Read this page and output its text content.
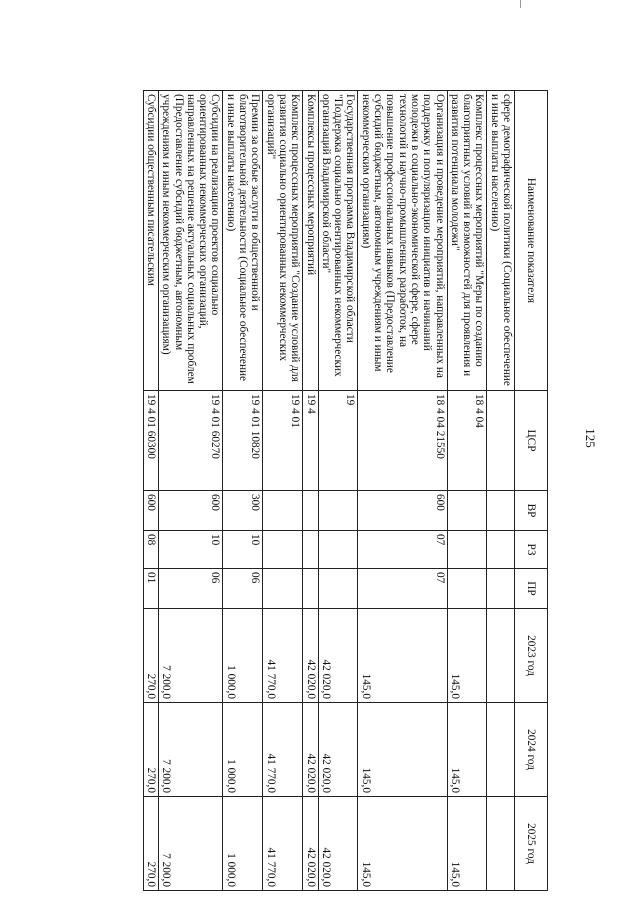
125
Наименование показателя	ЦСР	ВР	РЗ	ПР	2023 год	2024 год	2025 год
сфере демографической политики (Социальное обеспечение и иные выплаты населению)							
Комплекс процессных мероприятий "Меры по созданию благоприятных условий и возможностей для проявления и развития потенциала молодежи"	18 4 04				145,0	145,0	145,0
Организация и проведение мероприятий, направленных на поддержку и популяризацию инициатив и начинаний молодежи в социально-экономической сфере, сфере технологий и научно-промышленных разработок, на повышение профессиональных навыков (Предоставление субсидий бюджетным, автономным учреждениям и иным некоммерческим организациям)	18 4 04 21550	600	07	07	145,0	145,0	145,0
Государственная программа Владимирской области "Поддержка социально ориентированных некоммерческих организаций Владимирской области"	19				42 020,0	42 020,0	42 020,0
Комплексы процессных мероприятий	19 4				42 020,0	42 020,0	42 020,0
Комплекс процессных мероприятий "Создание условий для развития социально ориентированных некоммерческих организаций"	19 4 01				41 770,0	41 770,0	41 770,0
Премии за особые заслуги в общественной и благотворительной деятельности (Социальное обеспечение и иные выплаты населению)	19 4 01 10820	300	10	06	1 000,0	1 000,0	1 000,0
Субсидии на реализацию проектов социально ориентированных некоммерческих организаций, направленных на решение актуальных социальных проблем (Предоставление субсидий бюджетным, автономным учреждениям и иным некоммерческим организациям)	19 4 01 60270	600	10	06	7 200,0	7 200,0	7 200,0
Субсидии общественным писательским	19 4 01 60300	600	08	01	270,0	270,0	270,0
